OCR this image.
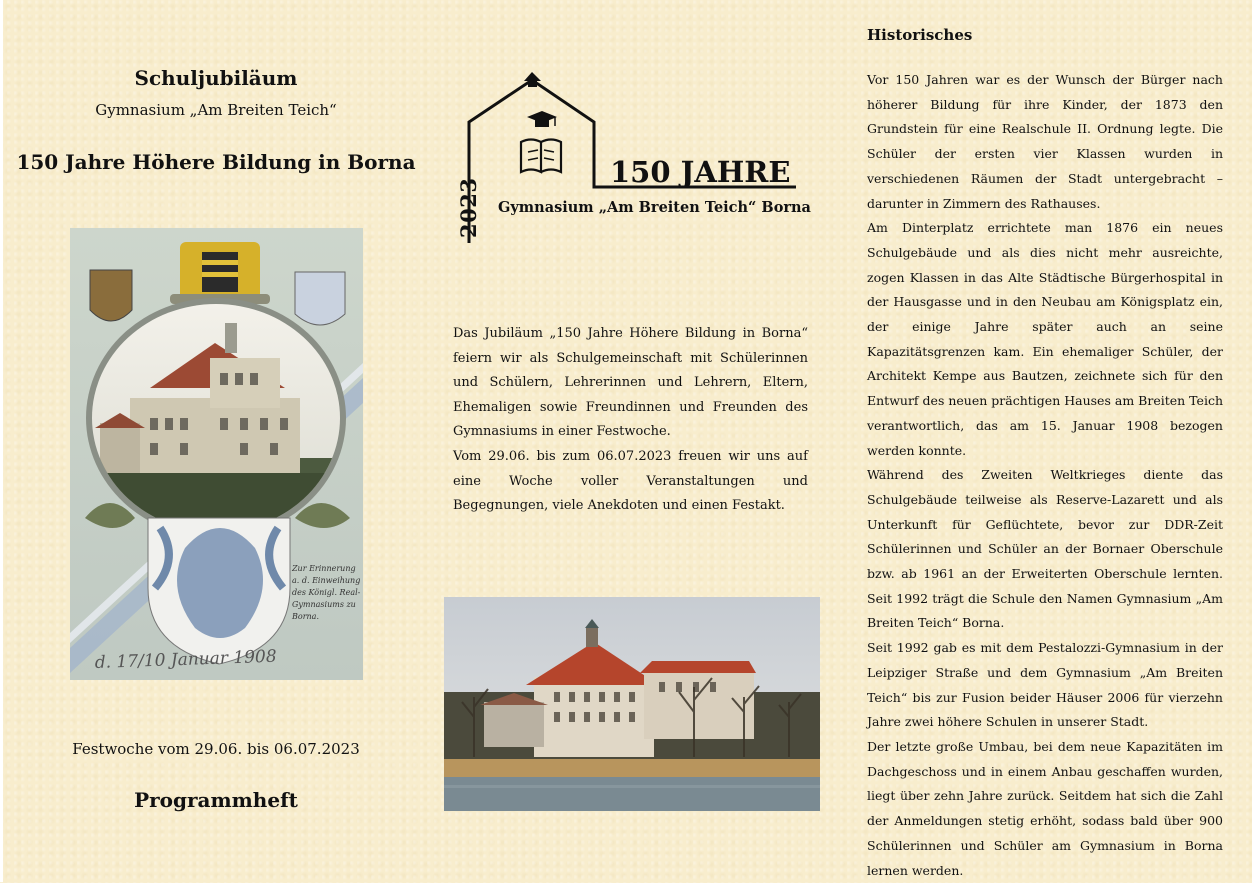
Schuljubiläum
Gymnasium „Am Breiten Teich“
150 Jahre Höhere Bildung in Borna
Zur Erinnerung
a. d. Einweihung
des Königl. Real-
Gymnasiums zu
Borna.
d. 17/10 Januar 1908
Festwoche vom 29.06. bis 06.07.2023
Programmheft
2023
150 JAHRE
Gymnasium „Am Breiten Teich“ Borna

Das Jubiläum „150 Jahre Höhere Bildung in Borna“ feiern wir als Schulgemeinschaft mit Schülerinnen und Schülern, Lehrerinnen und Lehrern, Eltern, Ehemaligen sowie Freundinnen und Freunden des Gymnasiums in einer Festwoche.

Vom 29.06. bis zum 06.07.2023 freuen wir uns auf eine Woche voller Veranstaltungen und Begegnungen, viele Anekdoten und einen Festakt.

Historisches

Vor 150 Jahren war es der Wunsch der Bürger nach höherer Bildung für ihre Kinder, der 1873 den Grundstein für eine Realschule II. Ordnung legte. Die Schüler der ersten vier Klassen wurden in verschiedenen Räumen der Stadt untergebracht – darunter in Zimmern des Rathauses.

Am Dinterplatz errichtete man 1876 ein neues Schulgebäude und als dies nicht mehr ausreichte, zogen Klassen in das Alte Städtische Bürgerhospital in der Hausgasse und in den Neubau am Königsplatz ein, der einige Jahre später auch an seine Kapazitätsgrenzen kam. Ein ehemaliger Schüler, der Architekt Kempe aus Bautzen, zeichnete sich für den Entwurf des neuen prächtigen Hauses am Breiten Teich verantwortlich, das am 15. Januar 1908 bezogen werden konnte.

Während des Zweiten Weltkrieges diente das Schulgebäude teilweise als Reserve-Lazarett und als Unterkunft für Geflüchtete, bevor zur DDR-Zeit Schülerinnen und Schüler an der Bornaer Oberschule bzw. ab 1961 an der Erweiterten Oberschule lernten. Seit 1992 trägt die Schule den Namen Gymnasium „Am Breiten Teich“ Borna.

Seit 1992 gab es mit dem Pestalozzi-Gymnasium in der Leipziger Straße und dem Gymnasium „Am Breiten Teich“ bis zur Fusion beider Häuser 2006 für vierzehn Jahre zwei höhere Schulen in unserer Stadt.

Der letzte große Umbau, bei dem neue Kapazitäten im Dachgeschoss und in einem Anbau geschaffen wurden, liegt über zehn Jahre zurück. Seitdem hat sich die Zahl der Anmeldungen stetig erhöht, sodass bald über 900 Schülerinnen und Schüler am Gymnasium in Borna lernen werden.
